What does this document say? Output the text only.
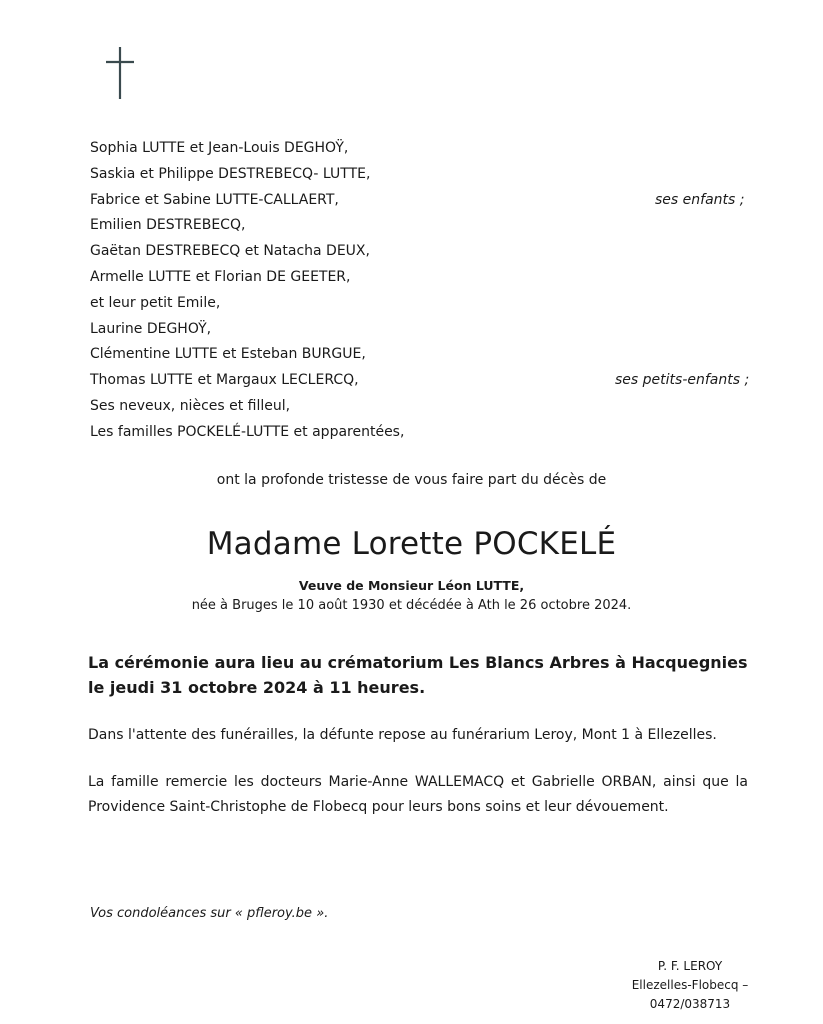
Sophia LUTTE et Jean-Louis DEGHOŸ,
Saskia et Philippe DESTREBECQ- LUTTE,
Fabrice et Sabine LUTTE-CALLAERT,	ses enfants ;
Emilien DESTREBECQ,
Gaëtan DESTREBECQ et Natacha DEUX,
Armelle LUTTE et Florian DE GEETER,
et leur petit Emile,
Laurine DEGHOŸ,
Clémentine LUTTE et Esteban BURGUE,
Thomas LUTTE et Margaux LECLERCQ,	ses petits-enfants ;
Ses neveux, nièces et filleul,
Les familles POCKELÉ-LUTTE et apparentées,
ont la profonde tristesse de vous faire part du décès de
Madame Lorette POCKELÉ
Veuve de Monsieur Léon LUTTE,
née à Bruges le 10 août 1930 et décédée à Ath le 26 octobre 2024.
La cérémonie aura lieu au crématorium Les Blancs Arbres à Hacquegnies le jeudi 31 octobre 2024 à 11 heures.
Dans l'attente des funérailles, la défunte repose au funérarium Leroy, Mont 1 à Ellezelles.
La famille remercie les docteurs Marie-Anne WALLEMACQ et Gabrielle ORBAN, ainsi que la Providence Saint-Christophe de Flobecq pour leurs bons soins et leur dévouement.
Vos condoléances sur « pfleroy.be ».
P. F. LEROY
Ellezelles-Flobecq – 0472/038713
